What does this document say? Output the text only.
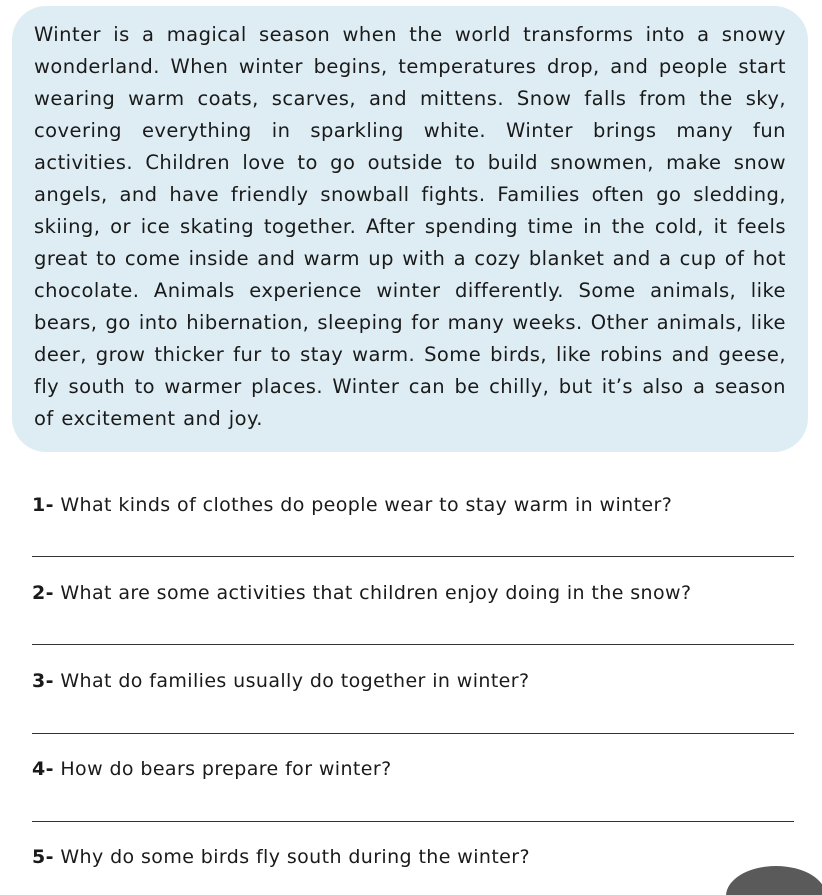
Winter is a magical season when the world transforms into a snowy wonderland. When winter begins, temperatures drop, and people start wearing warm coats, scarves, and mittens. Snow falls from the sky, covering everything in sparkling white. Winter brings many fun activities. Children love to go outside to build snowmen, make snow angels, and have friendly snowball fights. Families often go sledding, skiing, or ice skating together. After spending time in the cold, it feels great to come inside and warm up with a cozy blanket and a cup of hot chocolate. Animals experience winter differently. Some animals, like bears, go into hibernation, sleeping for many weeks. Other animals, like deer, grow thicker fur to stay warm. Some birds, like robins and geese, fly south to warmer places. Winter can be chilly, but it’s also a season of excitement and joy.

1- What kinds of clothes do people wear to stay warm in winter?
2- What are some activities that children enjoy doing in the snow?
3- What do families usually do together in winter?
4- How do bears prepare for winter?
5- Why do some birds fly south during the winter?
